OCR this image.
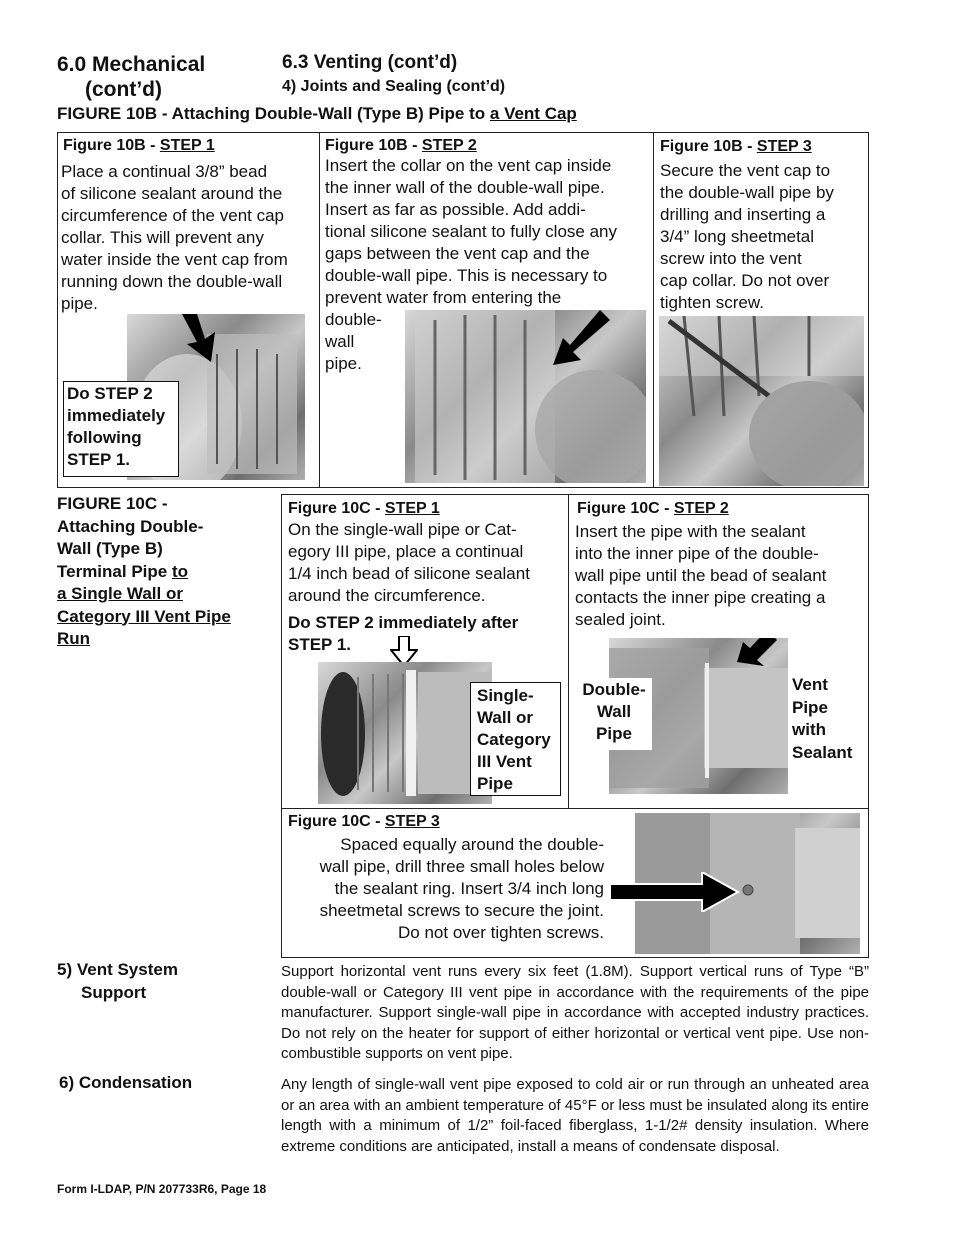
6.0 Mechanical
(cont’d)
6.3 Venting (cont’d)
4) Joints and Sealing (cont’d)
FIGURE 10B - Attaching Double-Wall (Type B) Pipe to a Vent Cap
Figure 10B - STEP 1
Place a continual 3/8” bead
of silicone sealant around the
circumference of the vent cap
collar. This will prevent any
water inside the vent cap from
running down the double-wall
pipe.
Do STEP 2
immediately
following
STEP 1.
Figure 10B - STEP 2
Insert the collar on the vent cap inside
the inner wall of the double-wall pipe.
Insert as far as possible. Add addi-
tional silicone sealant to fully close any
gaps between the vent cap and the
double-wall pipe. This is necessary to
prevent water from entering the
double-
wall
pipe.
Figure 10B - STEP 3
Secure the vent cap to
the double-wall pipe by
drilling and inserting a
3/4” long sheetmetal
screw into the vent
cap collar. Do not over
tighten screw.
FIGURE 10C -
Attaching Double-
Wall (Type B)
Terminal Pipe to
a Single Wall or
Category III Vent Pipe
Run
Figure 10C - STEP 1
On the single-wall pipe or Cat-
egory III pipe, place a continual
1/4 inch bead of silicone sealant
around the circumference.
Do STEP 2 immediately after
STEP 1.
Single-
Wall or
Category
III Vent
Pipe
Figure 10C - STEP 2
Insert the pipe with the sealant
into the inner pipe of the double-
wall pipe until the bead of sealant
contacts the inner pipe creating a
sealed joint.
Double-
Wall
Pipe
Vent
Pipe
with
Sealant
Figure 10C - STEP 3
Spaced equally around the double-
wall pipe, drill three small holes below
the sealant ring. Insert 3/4 inch long
sheetmetal screws to secure the joint.
Do not over tighten screws.
5) Vent System
Support
Support horizontal vent runs every six feet (1.8M). Support vertical runs of Type “B” double-wall or Category III vent pipe in accordance with the requirements of the pipe manufacturer. Support single-wall pipe in accordance with accepted industry practices. Do not rely on the heater for support of either horizontal or vertical vent pipe. Use non-combustible supports on vent pipe.
6) Condensation	Any length of single-wall vent pipe exposed to cold air or run through an unheated area or an area with an ambient temperature of 45°F or less must be insulated along its entire length with a minimum of 1/2” foil-faced fiberglass, 1-1/2# density insulation. Where extreme conditions are anticipated, install a means of condensate disposal.
Form I-LDAP, P/N 207733R6, Page 18
